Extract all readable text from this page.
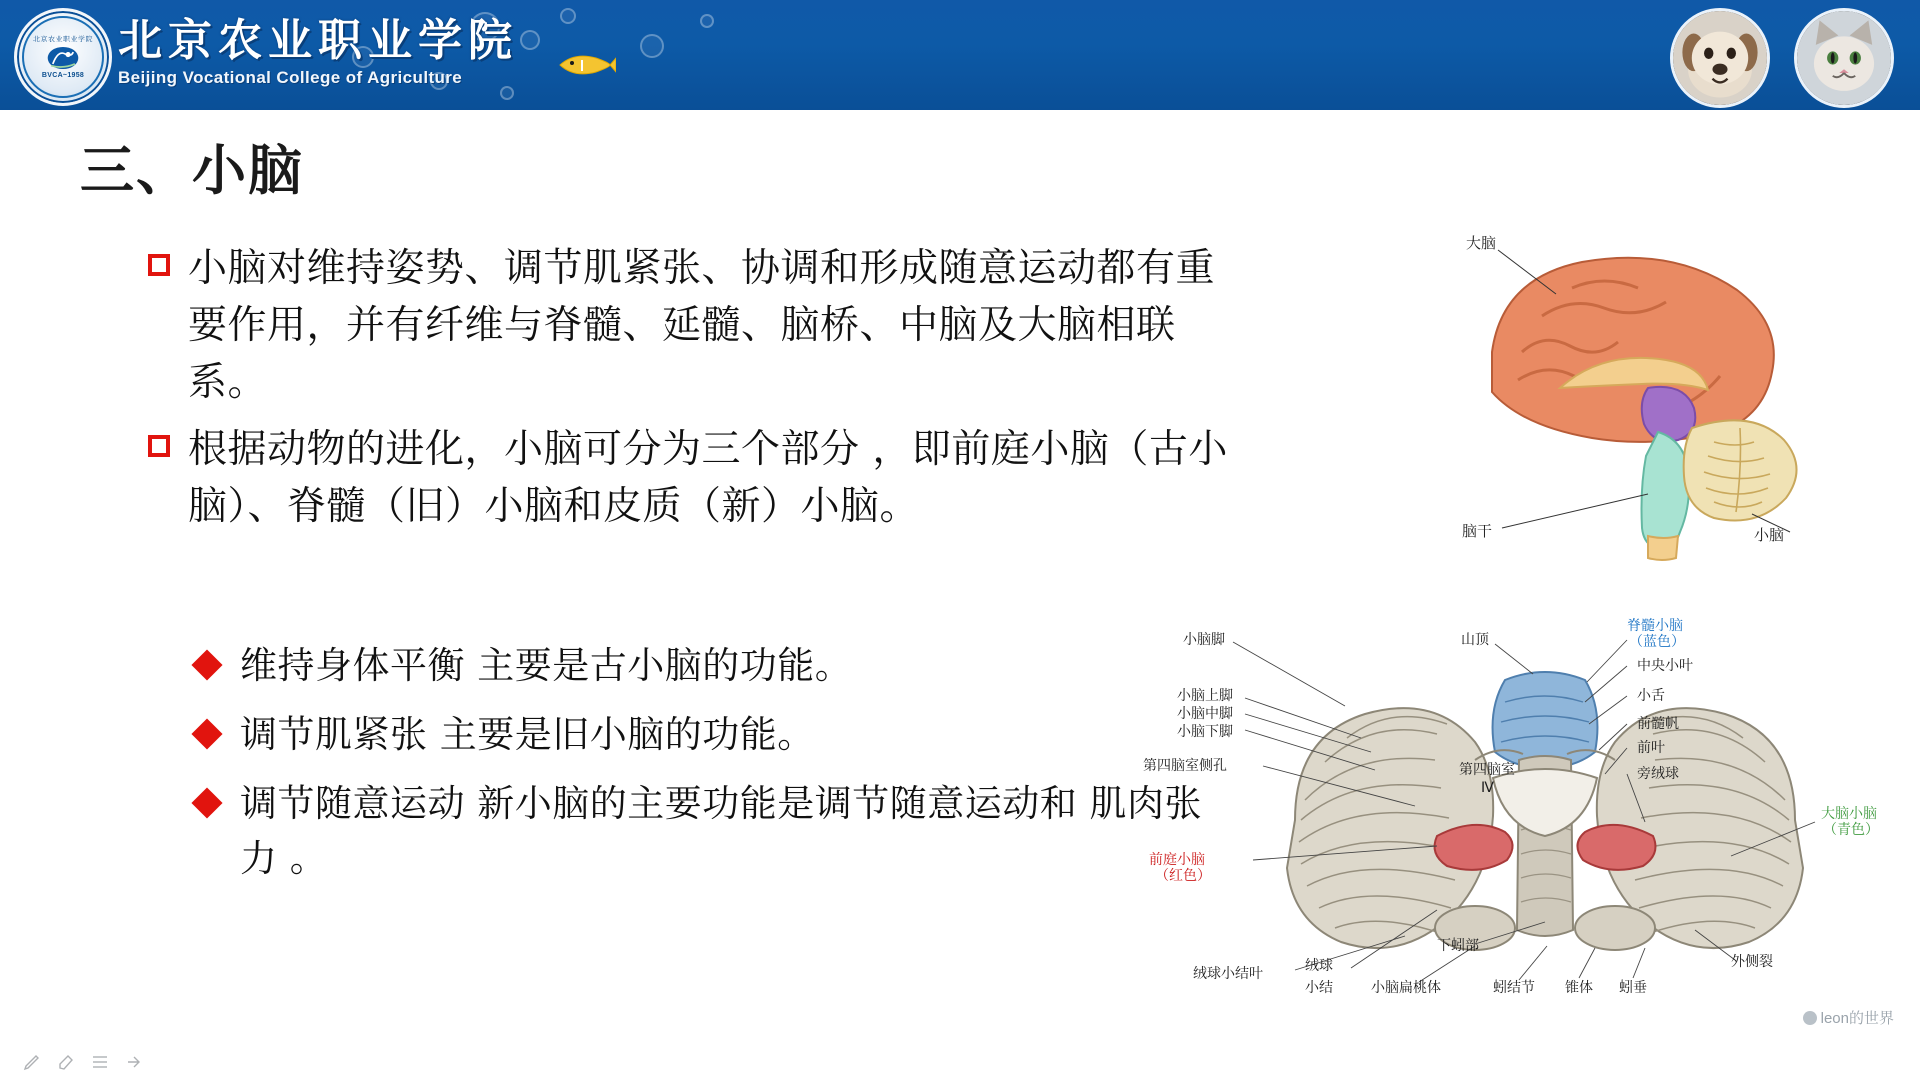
北京农业职业学院
BVCA~1958
北京农业职业学院
Beijing Vocational College of Agriculture
三、小脑
小脑对维持姿势、调节肌紧张、协调和形成随意运动都有重要作用，并有纤维与脊髓、延髓、脑桥、中脑及大脑相联系。
根据动物的进化，小脑可分为三个部分 ，即前庭小脑（古小脑）、脊髓（旧）小脑和皮质（新）小脑。
维持身体平衡 主要是古小脑的功能。
调节肌紧张 主要是旧小脑的功能。
调节随意运动 新小脑的主要功能是调节随意运动和 肌肉张力 。
大脑
脑干	小脑
小脑脚
小脑上脚
小脑中脚
小脑下脚
第四脑室侧孔
前庭小脑
（红色）
山顶
脊髓小脑
（蓝色）
中央小叶
小舌
前髓帆
前叶
旁绒球
第四脑室
Ⅳ
大脑小脑
（青色）
下蚓部
绒球小结叶	绒球
小结	小脑扁桃体	蚓结节 锥体 蚓垂
外侧裂
leon的世界
